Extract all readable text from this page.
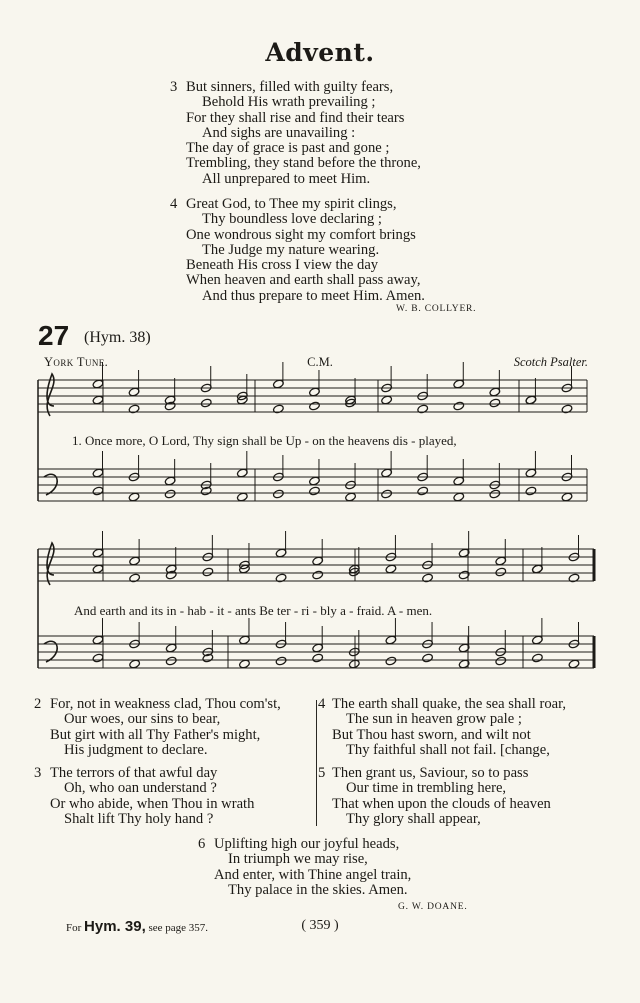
Advent.
3 But sinners, filled with guilty fears,
Behold His wrath prevailing ;
For they shall rise and find their tears
And sighs are unavailing :
The day of grace is past and gone ;
Trembling, they stand before the throne,
All unprepared to meet Him.
4 Great God, to Thee my spirit clings,
Thy boundless love declaring ;
One wondrous sight my comfort brings
The Judge my nature wearing.
Beneath His cross I view the day
When heaven and earth shall pass away,
And thus prepare to meet Him. Amen.
W. B. COLLYER.
27 (Hym. 38)
York Tune.	C.M.	Scotch Psalter.
1. Once more, O Lord, Thy sign shall be Up - on the heavens dis - played,
And earth and its in - hab - it - ants Be ter - ri - bly a - fraid. A - men.
2 For, not in weakness clad, Thou com'st,
Our woes, our sins to bear,
But girt with all Thy Father's might,
His judgment to declare.
3 The terrors of that awful day
Oh, who oan understand ?
Or who abide, when Thou in wrath
Shalt lift Thy holy hand ?
4 The earth shall quake, the sea shall roar,
The sun in heaven grow pale ;
But Thou hast sworn, and wilt not
Thy faithful shall not fail. [change,
5 Then grant us, Saviour, so to pass
Our time in trembling here,
That when upon the clouds of heaven
Thy glory shall appear,
6 Uplifting high our joyful heads,
In triumph we may rise,
And enter, with Thine angel train,
Thy palace in the skies. Amen.
G. W. DOANE.
For Hym. 39, see page 357.	( 359 )
